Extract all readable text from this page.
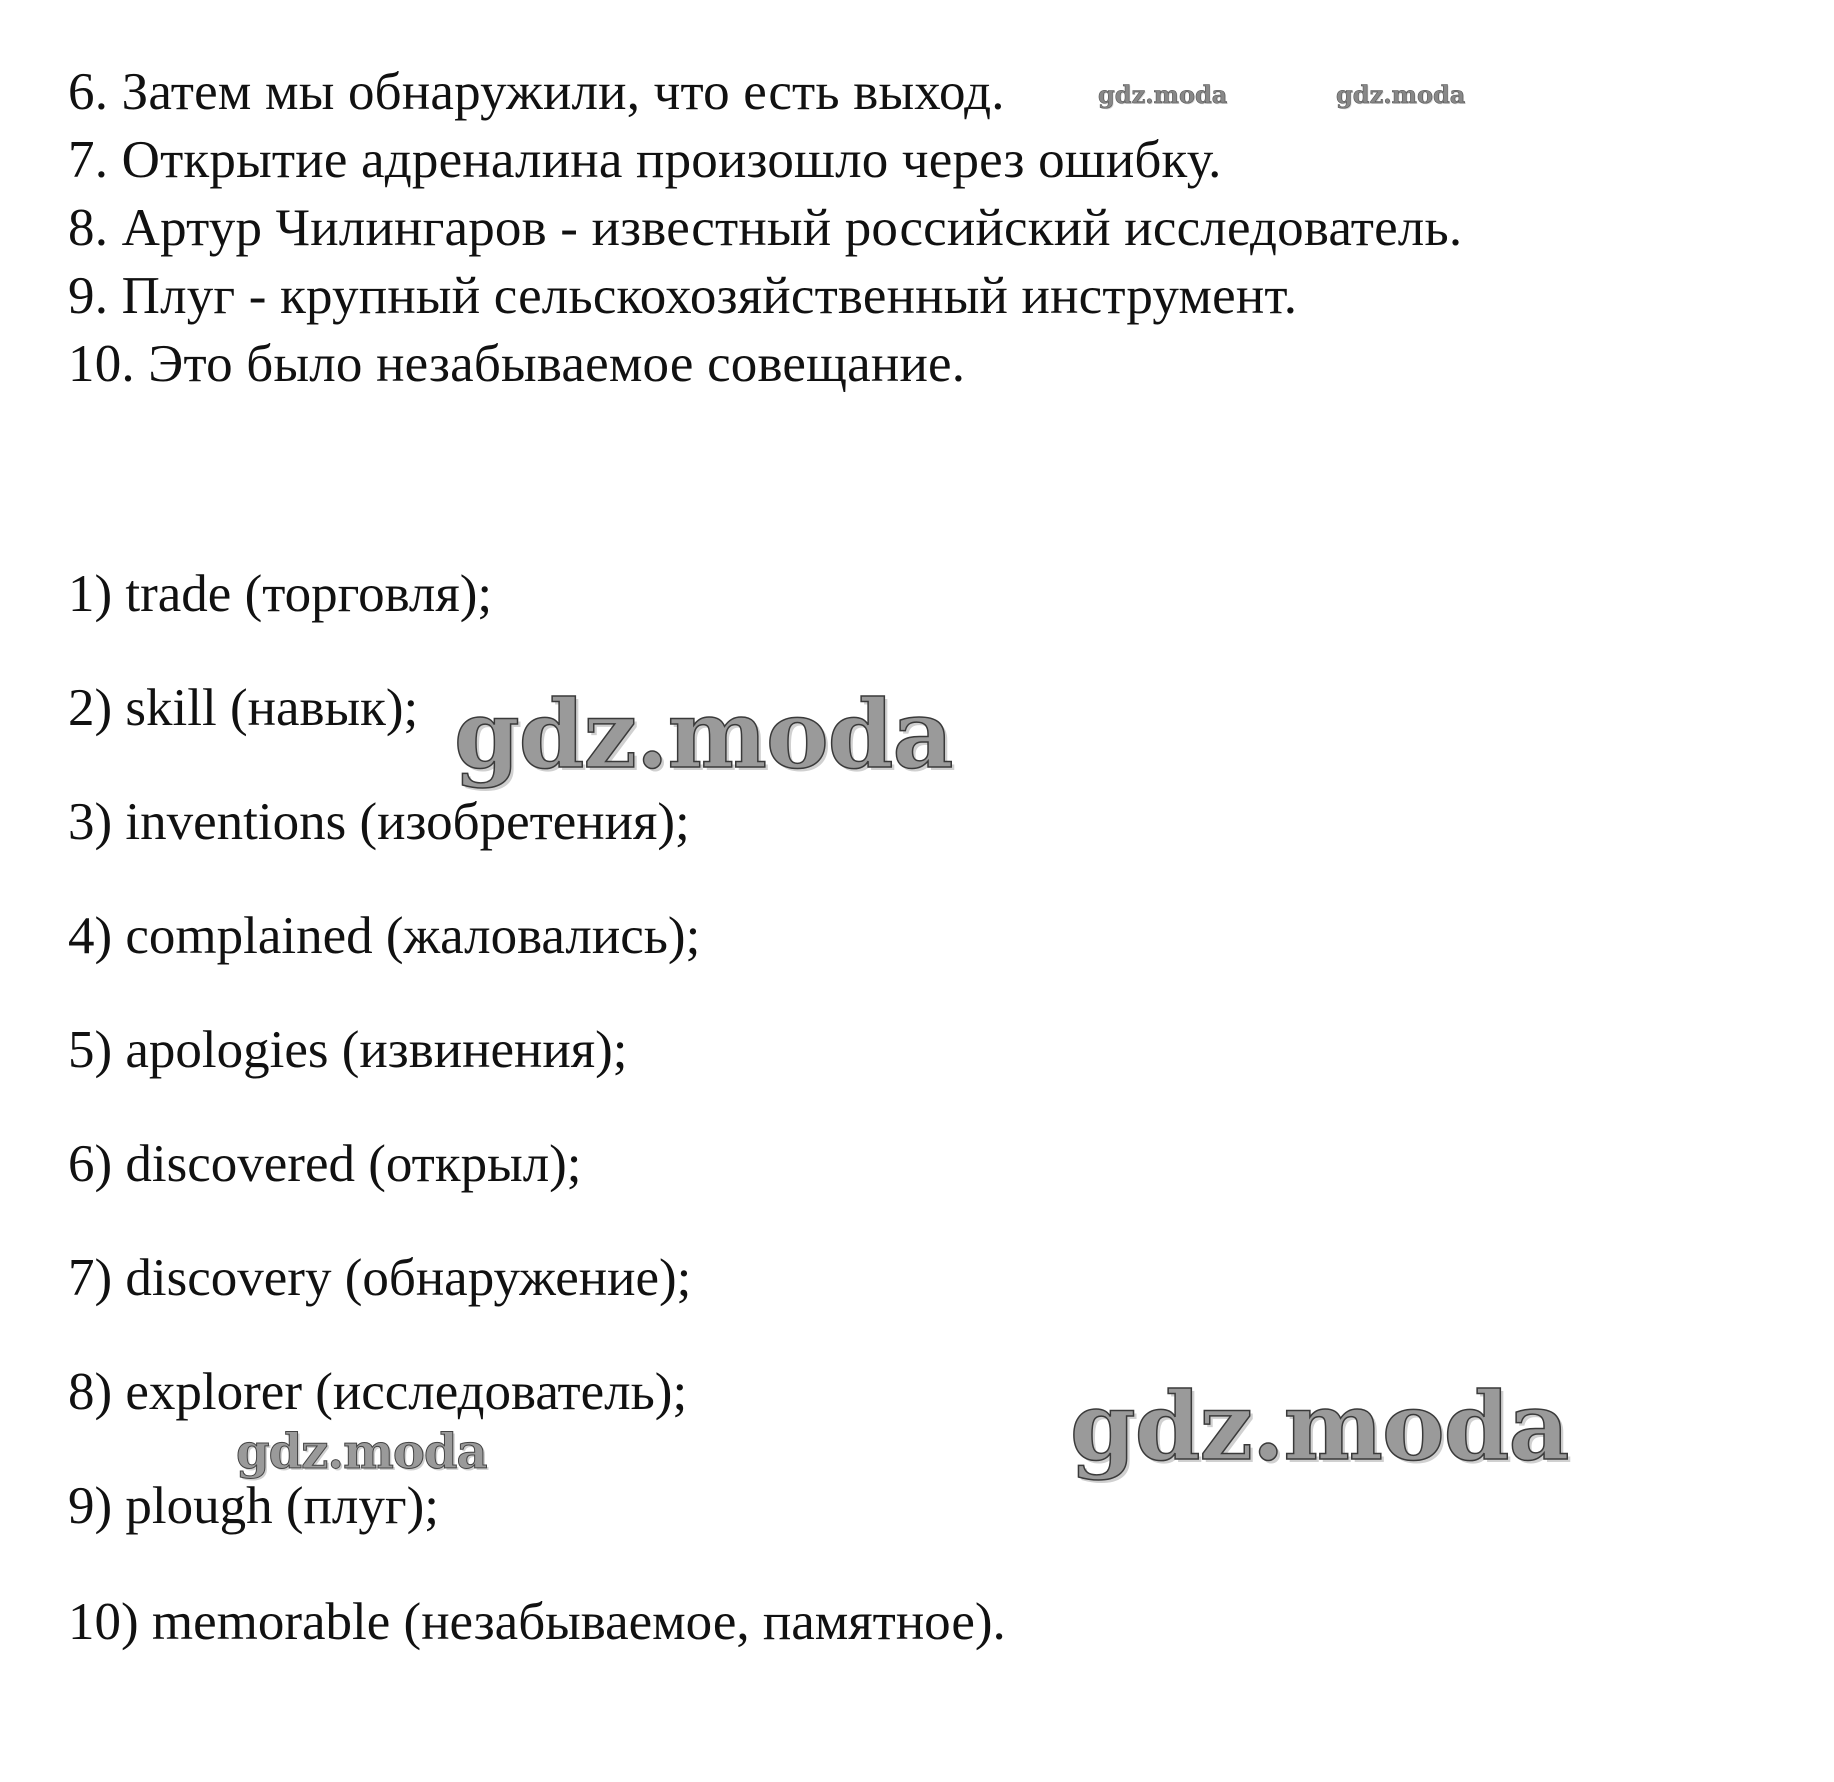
6. Затем мы обнаружили, что есть выход.
7. Открытие адреналина произошло через ошибку.
8. Артур Чилингаров - известный российский исследователь.
9. Плуг - крупный сельскохозяйственный инструмент.
10. Это было незабываемое совещание.
1) trade (торговля);
2) skill (навык);
3) inventions (изобретения);
4) complained (жаловались);
5) apologies (извинения);
6) discovered (открыл);
7) discovery (обнаружение);
8) explorer (исследователь);
9) plough (плуг);
10) memorable (незабываемое, памятное).
gdz.moda	gdz.moda
gdz.moda
gdz.moda
gdz.moda
